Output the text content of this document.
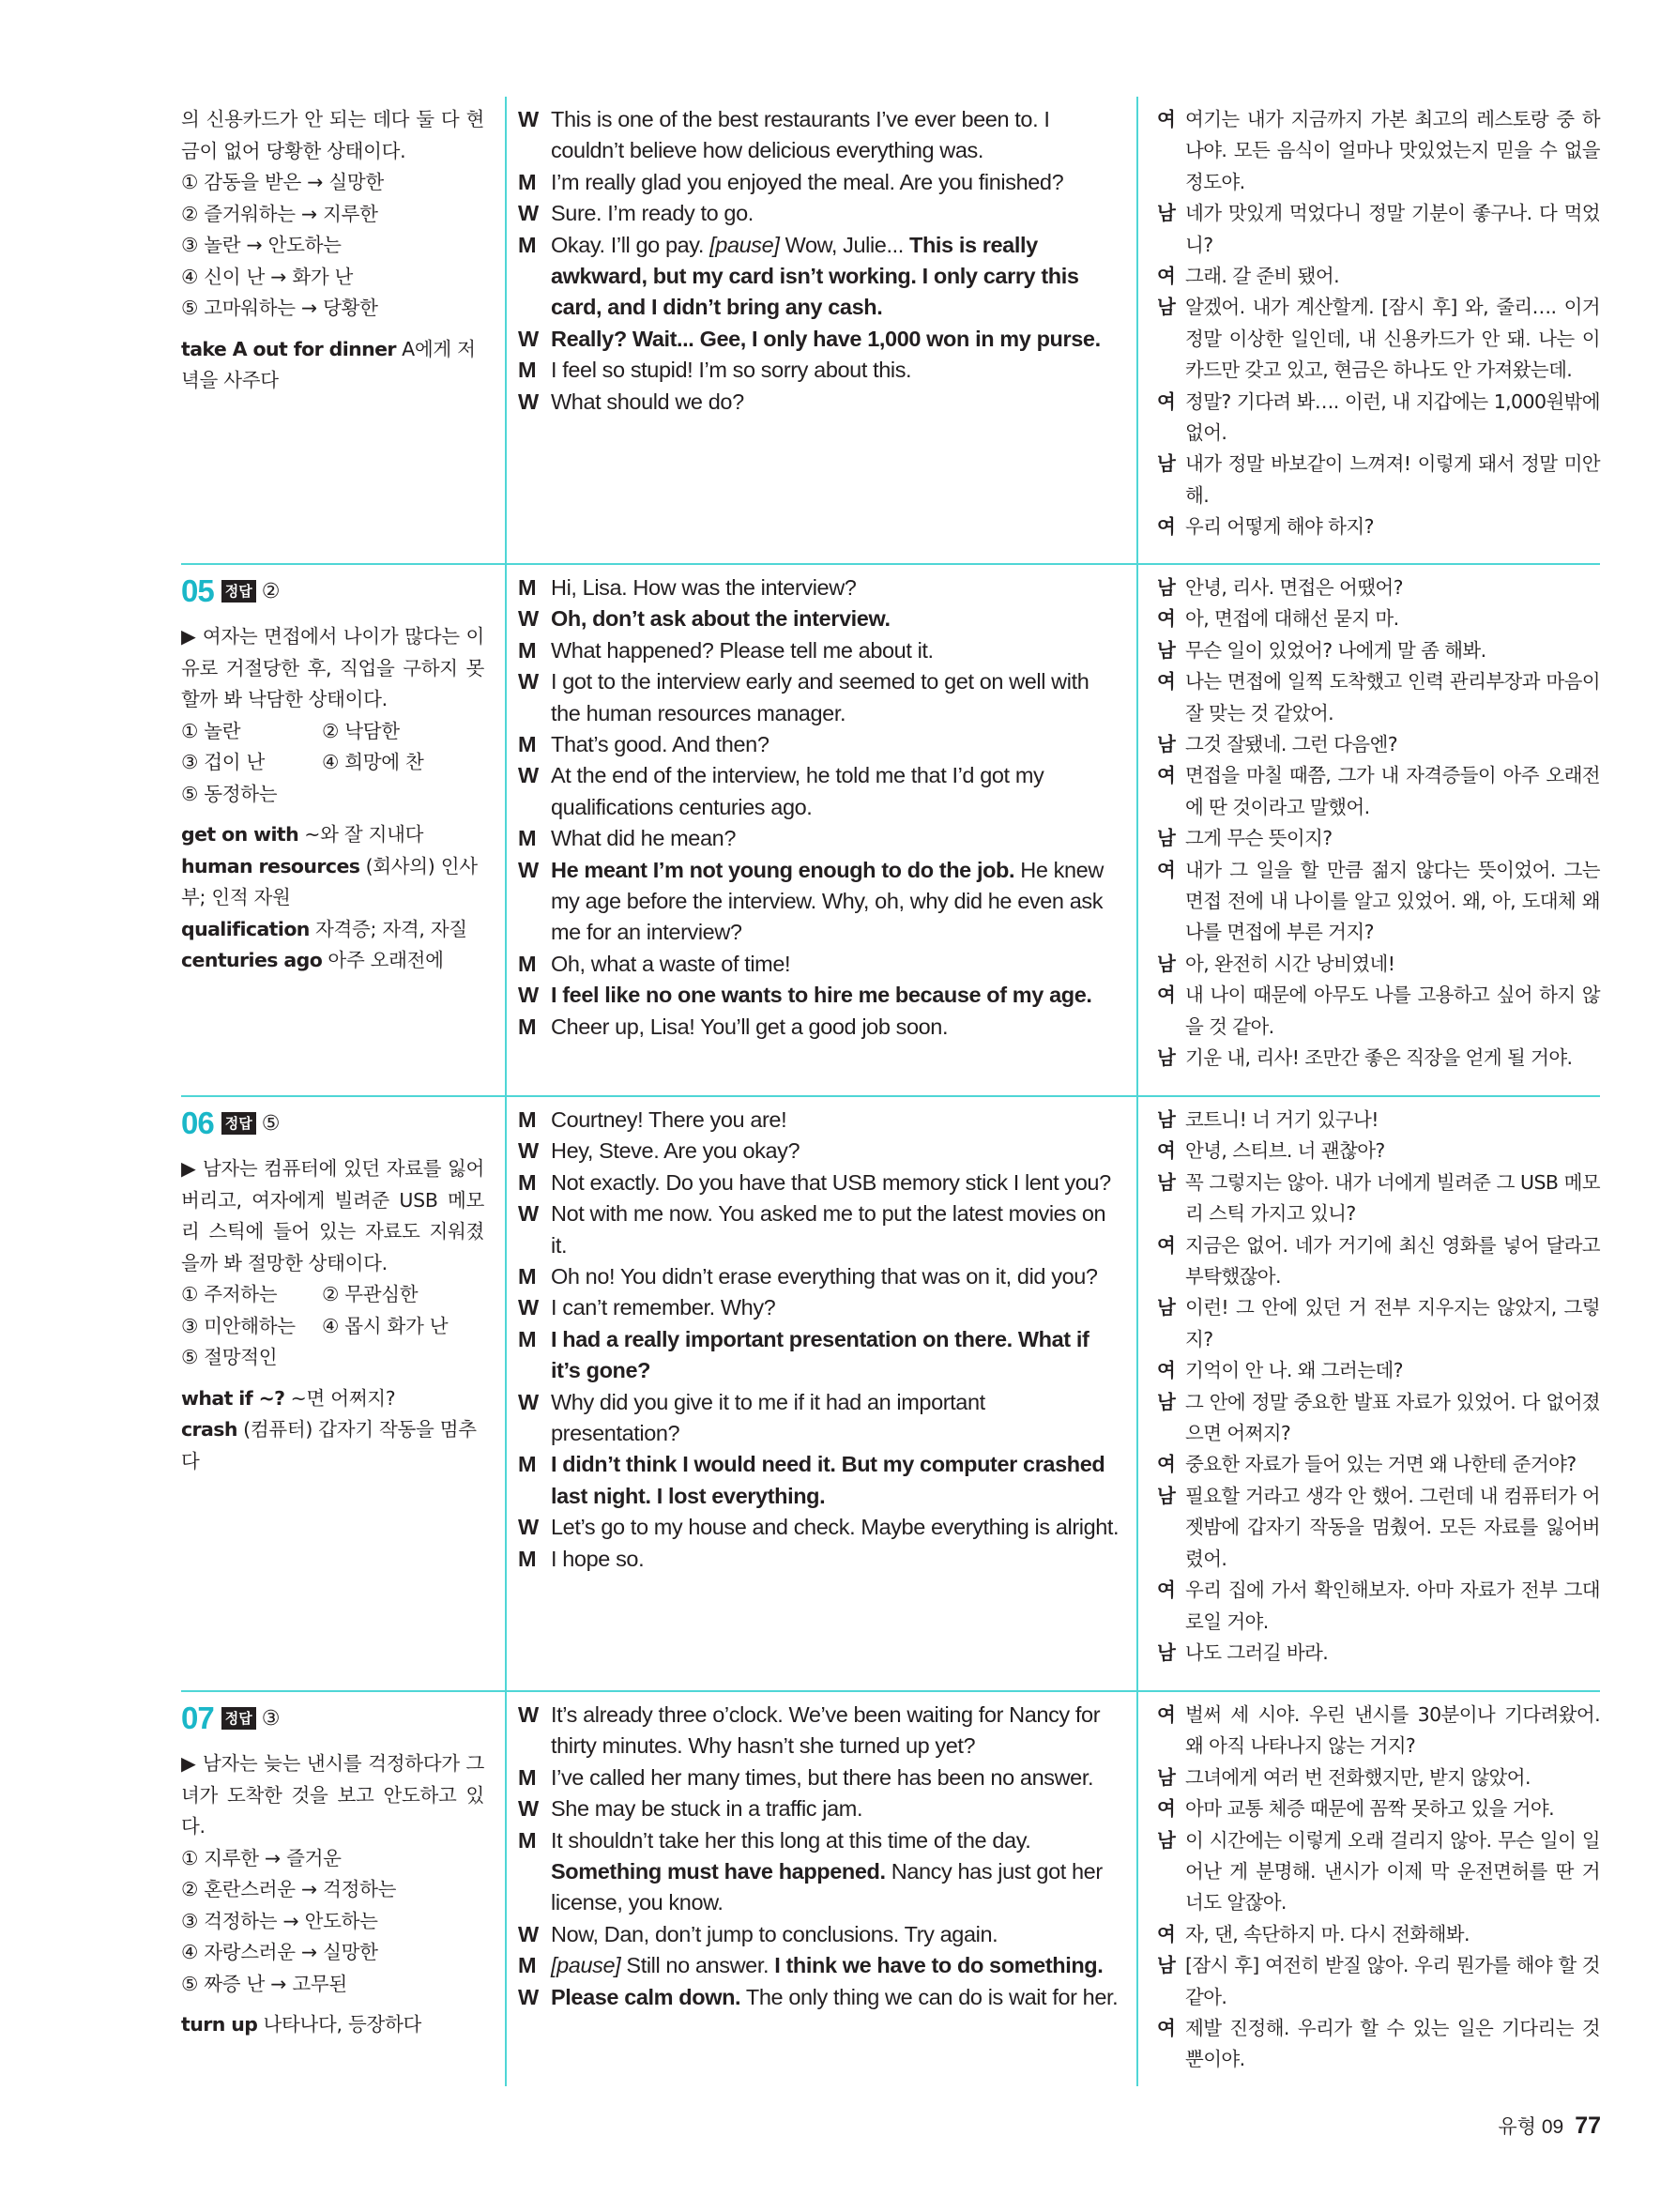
의 신용카드가 안 되는 데다 둘 다 현금이 없어 당황한 상태이다.
① 감동을 받은 → 실망한
② 즐거워하는 → 지루한
③ 놀란 → 안도하는
④ 신이 난 → 화가 난
⑤ 고마워하는 → 당황한
take A out for dinner A에게 저녁을 사주다
W This is one of the best restaurants I’ve ever been to. I couldn’t believe how delicious everything was.
M I’m really glad you enjoyed the meal. Are you finished?
W Sure. I’m ready to go.
M Okay. I’ll go pay. [pause] Wow, Julie... This is really awkward, but my card isn’t working. I only carry this card, and I didn’t bring any cash.
W Really? Wait... Gee, I only have 1,000 won in my purse.
M I feel so stupid! I’m so sorry about this.
W What should we do?
여 여기는 내가 지금까지 가본 최고의 레스토랑 중 하나야. 모든 음식이 얼마나 맛있었는지 믿을 수 없을 정도야.
남 네가 맛있게 먹었다니 정말 기분이 좋구나. 다 먹었니?
여 그래. 갈 준비 됐어.
남 알겠어. 내가 계산할게. [잠시 후] 와, 줄리…. 이거 정말 이상한 일인데, 내 신용카드가 안 돼. 나는 이 카드만 갖고 있고, 현금은 하나도 안 가져왔는데.
여 정말? 기다려 봐…. 이런, 내 지갑에는 1,000원밖에 없어.
남 내가 정말 바보같이 느껴져! 이렇게 돼서 정말 미안해.
여 우리 어떻게 해야 하지?
05 정답 ②
▶ 여자는 면접에서 나이가 많다는 이유로 거절당한 후, 직업을 구하지 못할까 봐 낙담한 상태이다.
① 놀란	② 낙담한
③ 겁이 난	④ 희망에 찬
⑤ 동정하는
get on with ~와 잘 지내다
human resources (회사의) 인사부; 인적 자원
qualification 자격증; 자격, 자질
centuries ago 아주 오래전에
M Hi, Lisa. How was the interview?
W Oh, don’t ask about the interview.
M What happened? Please tell me about it.
W I got to the interview early and seemed to get on well with the human resources manager.
M That’s good. And then?
W At the end of the interview, he told me that I’d got my qualifications centuries ago.
M What did he mean?
W He meant I’m not young enough to do the job. He knew my age before the interview. Why, oh, why did he even ask me for an interview?
M Oh, what a waste of time!
W I feel like no one wants to hire me because of my age.
M Cheer up, Lisa! You’ll get a good job soon.
남 안녕, 리사. 면접은 어땠어?
여 아, 면접에 대해선 묻지 마.
남 무슨 일이 있었어? 나에게 말 좀 해봐.
여 나는 면접에 일찍 도착했고 인력 관리부장과 마음이 잘 맞는 것 같았어.
남 그것 잘됐네. 그런 다음엔?
여 면접을 마칠 때쯤, 그가 내 자격증들이 아주 오래전에 딴 것이라고 말했어.
남 그게 무슨 뜻이지?
여 내가 그 일을 할 만큼 젊지 않다는 뜻이었어. 그는 면접 전에 내 나이를 알고 있었어. 왜, 아, 도대체 왜 나를 면접에 부른 거지?
남 아, 완전히 시간 낭비였네!
여 내 나이 때문에 아무도 나를 고용하고 싶어 하지 않을 것 같아.
남 기운 내, 리사! 조만간 좋은 직장을 얻게 될 거야.
06 정답 ⑤
▶ 남자는 컴퓨터에 있던 자료를 잃어버리고, 여자에게 빌려준 USB 메모리 스틱에 들어 있는 자료도 지워졌을까 봐 절망한 상태이다.
① 주저하는	② 무관심한
③ 미안해하는	④ 몹시 화가 난
⑤ 절망적인
what if ~? ~면 어쩌지?
crash (컴퓨터) 갑자기 작동을 멈추다
M Courtney! There you are!
W Hey, Steve. Are you okay?
M Not exactly. Do you have that USB memory stick I lent you?
W Not with me now. You asked me to put the latest movies on it.
M Oh no! You didn’t erase everything that was on it, did you?
W I can’t remember. Why?
M I had a really important presentation on there. What if it’s gone?
W Why did you give it to me if it had an important presentation?
M I didn’t think I would need it. But my computer crashed last night. I lost everything.
W Let’s go to my house and check. Maybe everything is alright.
M I hope so.
남 코트니! 너 거기 있구나!
여 안녕, 스티브. 너 괜찮아?
남 꼭 그렇지는 않아. 내가 너에게 빌려준 그 USB 메모리 스틱 가지고 있니?
여 지금은 없어. 네가 거기에 최신 영화를 넣어 달라고 부탁했잖아.
남 이런! 그 안에 있던 거 전부 지우지는 않았지, 그렇지?
여 기억이 안 나. 왜 그러는데?
남 그 안에 정말 중요한 발표 자료가 있었어. 다 없어졌으면 어쩌지?
여 중요한 자료가 들어 있는 거면 왜 나한테 준거야?
남 필요할 거라고 생각 안 했어. 그런데 내 컴퓨터가 어젯밤에 갑자기 작동을 멈췄어. 모든 자료를 잃어버렸어.
여 우리 집에 가서 확인해보자. 아마 자료가 전부 그대로일 거야.
남 나도 그러길 바라.
07 정답 ③
▶ 남자는 늦는 낸시를 걱정하다가 그녀가 도착한 것을 보고 안도하고 있다.
① 지루한 → 즐거운
② 혼란스러운 → 걱정하는
③ 걱정하는 → 안도하는
④ 자랑스러운 → 실망한
⑤ 짜증 난 → 고무된
turn up 나타나다, 등장하다
W It’s already three o’clock. We’ve been waiting for Nancy for thirty minutes. Why hasn’t she turned up yet?
M I’ve called her many times, but there has been no answer.
W She may be stuck in a traffic jam.
M It shouldn’t take her this long at this time of the day. Something must have happened. Nancy has just got her license, you know.
W Now, Dan, don’t jump to conclusions. Try again.
M [pause] Still no answer. I think we have to do something.
W Please calm down. The only thing we can do is wait for her.
여 벌써 세 시야. 우린 낸시를 30분이나 기다려왔어. 왜 아직 나타나지 않는 거지?
남 그녀에게 여러 번 전화했지만, 받지 않았어.
여 아마 교통 체증 때문에 꼼짝 못하고 있을 거야.
남 이 시간에는 이렇게 오래 걸리지 않아. 무슨 일이 일어난 게 분명해. 낸시가 이제 막 운전면허를 딴 거 너도 알잖아.
여 자, 댄, 속단하지 마. 다시 전화해봐.
남 [잠시 후] 여전히 받질 않아. 우리 뭔가를 해야 할 것 같아.
여 제발 진정해. 우리가 할 수 있는 일은 기다리는 것 뿐이야.
유형 09 77
